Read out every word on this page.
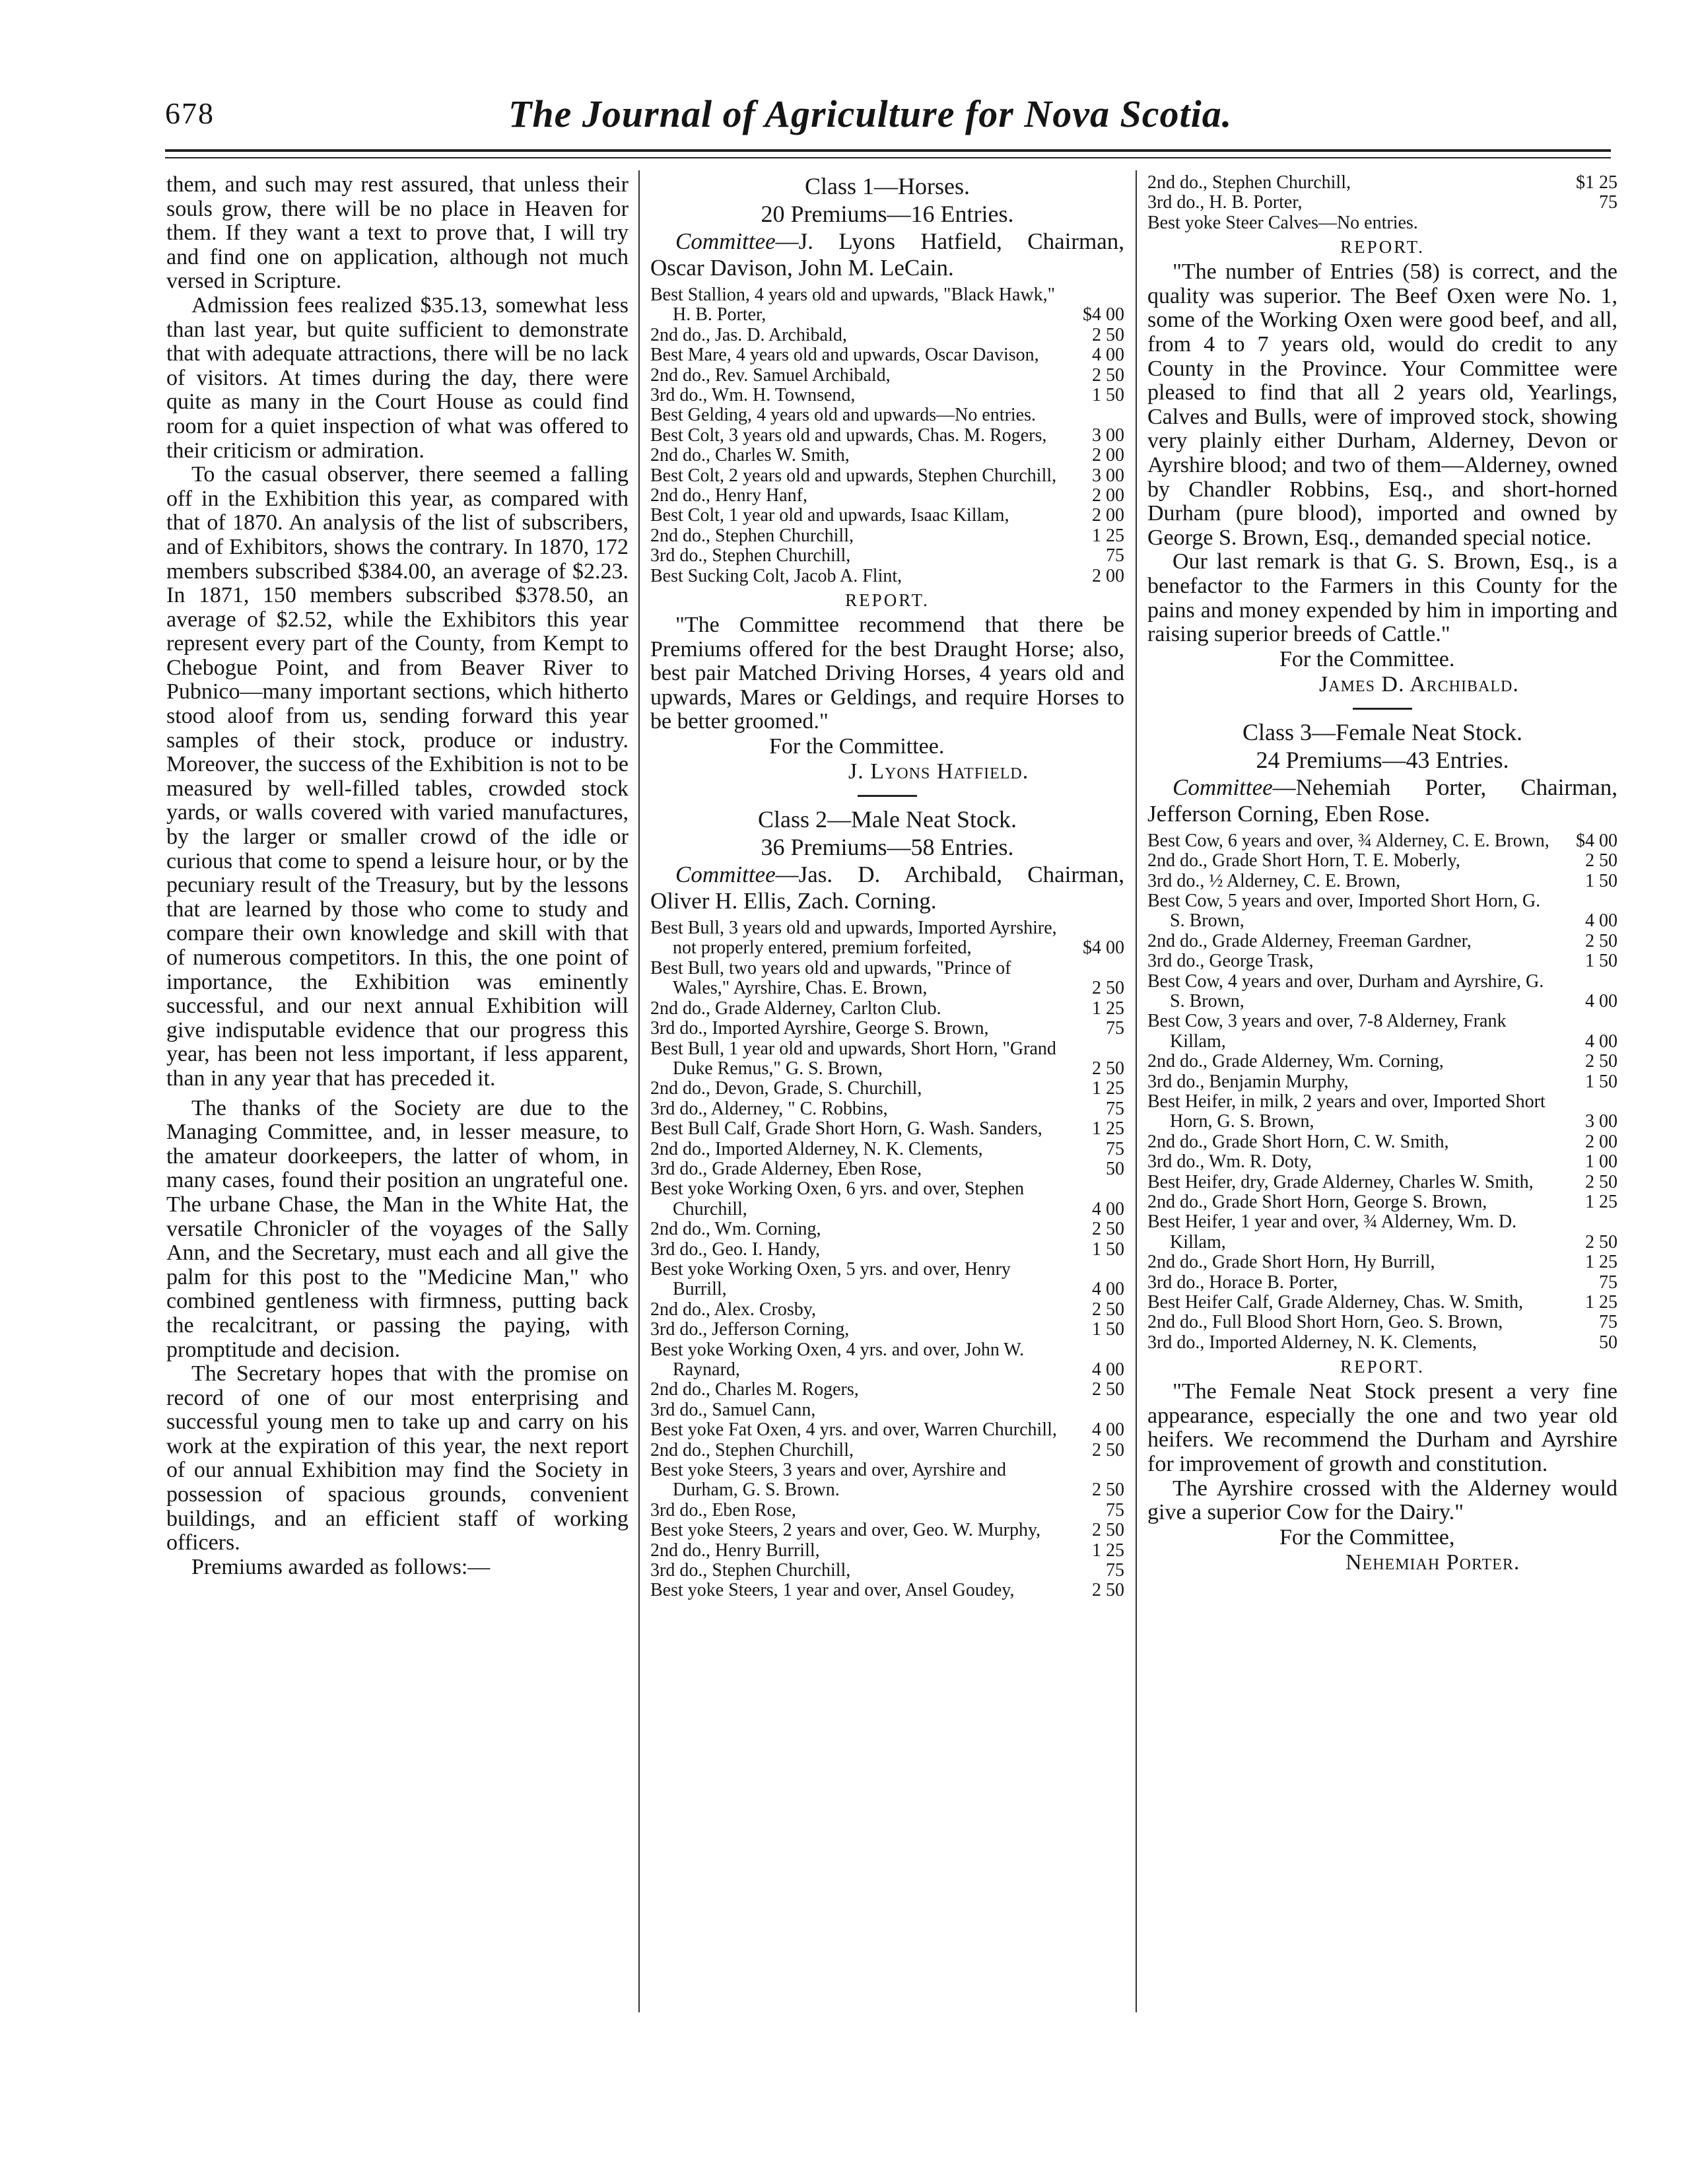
678	The Journal of Agriculture for Nova Scotia.

them, and such may rest assured, that unless their souls grow, there will be no place in Heaven for them. If they want a text to prove that, I will try and find one on application, although not much versed in Scripture.

Admission fees realized $35.13, somewhat less than last year, but quite sufficient to demonstrate that with adequate attractions, there will be no lack of visitors. At times during the day, there were quite as many in the Court House as could find room for a quiet inspection of what was offered to their criticism or admiration.

To the casual observer, there seemed a falling off in the Exhibition this year, as compared with that of 1870. An analysis of the list of subscribers, and of Exhibitors, shows the contrary. In 1870, 172 members subscribed $384.00, an average of $2.23. In 1871, 150 members subscribed $378.50, an average of $2.52, while the Exhibitors this year represent every part of the County, from Kempt to Chebogue Point, and from Beaver River to Pubnico—many important sections, which hitherto stood aloof from us, sending forward this year samples of their stock, produce or industry. Moreover, the success of the Exhibition is not to be measured by well-filled tables, crowded stock yards, or walls covered with varied manufactures, by the larger or smaller crowd of the idle or curious that come to spend a leisure hour, or by the pecuniary result of the Treasury, but by the lessons that are learned by those who come to study and compare their own knowledge and skill with that of numerous competitors. In this, the one point of importance, the Exhibition was eminently successful, and our next annual Exhibition will give indisputable evidence that our progress this year, has been not less important, if less apparent, than in any year that has preceded it.

The thanks of the Society are due to the Managing Committee, and, in lesser measure, to the amateur doorkeepers, the latter of whom, in many cases, found their position an ungrateful one. The urbane Chase, the Man in the White Hat, the versatile Chronicler of the voyages of the Sally Ann, and the Secretary, must each and all give the palm for this post to the "Medicine Man," who combined gentleness with firmness, putting back the recalcitrant, or passing the paying, with promptitude and decision.

The Secretary hopes that with the promise on record of one of our most enterprising and successful young men to take up and carry on his work at the expiration of this year, the next report of our annual Exhibition may find the Society in possession of spacious grounds, convenient buildings, and an efficient staff of working officers.

Premiums awarded as follows:—

Class 1—Horses.

20 Premiums—16 Entries.

Committee—J. Lyons Hatfield, Chairman, Oscar Davison, John M. LeCain.

Best Stallion, 4 years old and upwards, "Black Hawk," H. B. Porter,	$4 00
2nd do., Jas. D. Archibald,	2 50
Best Mare, 4 years old and upwards, Oscar Davison,	4 00
2nd do., Rev. Samuel Archibald,	2 50
3rd do., Wm. H. Townsend,	1 50
Best Gelding, 4 years old and upwards—No entries.
Best Colt, 3 years old and upwards, Chas. M. Rogers,	3 00
2nd do., Charles W. Smith,	2 00
Best Colt, 2 years old and upwards, Stephen Churchill,	3 00
2nd do., Henry Hanf,	2 00
Best Colt, 1 year old and upwards, Isaac Killam,	2 00
2nd do., Stephen Churchill,	1 25
3rd do., Stephen Churchill,	75
Best Sucking Colt, Jacob A. Flint,	2 00

REPORT.

"The Committee recommend that there be Premiums offered for the best Draught Horse; also, best pair Matched Driving Horses, 4 years old and upwards, Mares or Geldings, and require Horses to be better groomed."

For the Committee.

J. Lyons Hatfield.

Class 2—Male Neat Stock.

36 Premiums—58 Entries.

Committee—Jas. D. Archibald, Chairman, Oliver H. Ellis, Zach. Corning.

Best Bull, 3 years old and upwards, Imported Ayrshire, not properly entered, premium forfeited,	$4 00
Best Bull, two years old and upwards, "Prince of Wales," Ayrshire, Chas. E. Brown,	2 50
2nd do., Grade Alderney, Carlton Club.	1 25
3rd do., Imported Ayrshire, George S. Brown,	75
Best Bull, 1 year old and upwards, Short Horn, "Grand Duke Remus," G. S. Brown,	2 50
2nd do., Devon, Grade, S. Churchill,	1 25
3rd do., Alderney, " C. Robbins,	75
Best Bull Calf, Grade Short Horn, G. Wash. Sanders,	1 25
2nd do., Imported Alderney, N. K. Clements,	75
3rd do., Grade Alderney, Eben Rose,	50
Best yoke Working Oxen, 6 yrs. and over, Stephen Churchill,	4 00
2nd do., Wm. Corning,	2 50
3rd do., Geo. I. Handy,	1 50
Best yoke Working Oxen, 5 yrs. and over, Henry Burrill,	4 00
2nd do., Alex. Crosby,	2 50
3rd do., Jefferson Corning,	1 50
Best yoke Working Oxen, 4 yrs. and over, John W. Raynard,	4 00
2nd do., Charles M. Rogers,	2 50
3rd do., Samuel Cann,
Best yoke Fat Oxen, 4 yrs. and over, Warren Churchill,	4 00
2nd do., Stephen Churchill,	2 50
Best yoke Steers, 3 years and over, Ayrshire and Durham, G. S. Brown.	2 50
3rd do., Eben Rose,	75
Best yoke Steers, 2 years and over, Geo. W. Murphy,	2 50
2nd do., Henry Burrill,	1 25
3rd do., Stephen Churchill,	75
Best yoke Steers, 1 year and over, Ansel Goudey,	2 50
2nd do., Stephen Churchill,	$1 25
3rd do., H. B. Porter,	75
Best yoke Steer Calves—No entries.

REPORT.

"The number of Entries (58) is correct, and the quality was superior. The Beef Oxen were No. 1, some of the Working Oxen were good beef, and all, from 4 to 7 years old, would do credit to any County in the Province. Your Committee were pleased to find that all 2 years old, Yearlings, Calves and Bulls, were of improved stock, showing very plainly either Durham, Alderney, Devon or Ayrshire blood; and two of them—Alderney, owned by Chandler Robbins, Esq., and short-horned Durham (pure blood), imported and owned by George S. Brown, Esq., demanded special notice.

Our last remark is that G. S. Brown, Esq., is a benefactor to the Farmers in this County for the pains and money expended by him in importing and raising superior breeds of Cattle."

For the Committee.

James D. Archibald.

Class 3—Female Neat Stock.

24 Premiums—43 Entries.

Committee—Nehemiah Porter, Chairman, Jefferson Corning, Eben Rose.

Best Cow, 6 years and over, ¾ Alderney, C. E. Brown,	$4 00
2nd do., Grade Short Horn, T. E. Moberly,	2 50
3rd do., ½ Alderney, C. E. Brown,	1 50
Best Cow, 5 years and over, Imported Short Horn, G. S. Brown,	4 00
2nd do., Grade Alderney, Freeman Gardner,	2 50
3rd do., George Trask,	1 50
Best Cow, 4 years and over, Durham and Ayrshire, G. S. Brown,	4 00
Best Cow, 3 years and over, 7-8 Alderney, Frank Killam,	4 00
2nd do., Grade Alderney, Wm. Corning,	2 50
3rd do., Benjamin Murphy,	1 50
Best Heifer, in milk, 2 years and over, Imported Short Horn, G. S. Brown,	3 00
2nd do., Grade Short Horn, C. W. Smith,	2 00
3rd do., Wm. R. Doty,	1 00
Best Heifer, dry, Grade Alderney, Charles W. Smith,	2 50
2nd do., Grade Short Horn, George S. Brown,	1 25
Best Heifer, 1 year and over, ¾ Alderney, Wm. D. Killam,	2 50
2nd do., Grade Short Horn, Hy Burrill,	1 25
3rd do., Horace B. Porter,	75
Best Heifer Calf, Grade Alderney, Chas. W. Smith,	1 25
2nd do., Full Blood Short Horn, Geo. S. Brown,	75
3rd do., Imported Alderney, N. K. Clements,	50

REPORT.

"The Female Neat Stock present a very fine appearance, especially the one and two year old heifers. We recommend the Durham and Ayrshire for improvement of growth and constitution.

The Ayrshire crossed with the Alderney would give a superior Cow for the Dairy."

For the Committee,

Nehemiah Porter.
